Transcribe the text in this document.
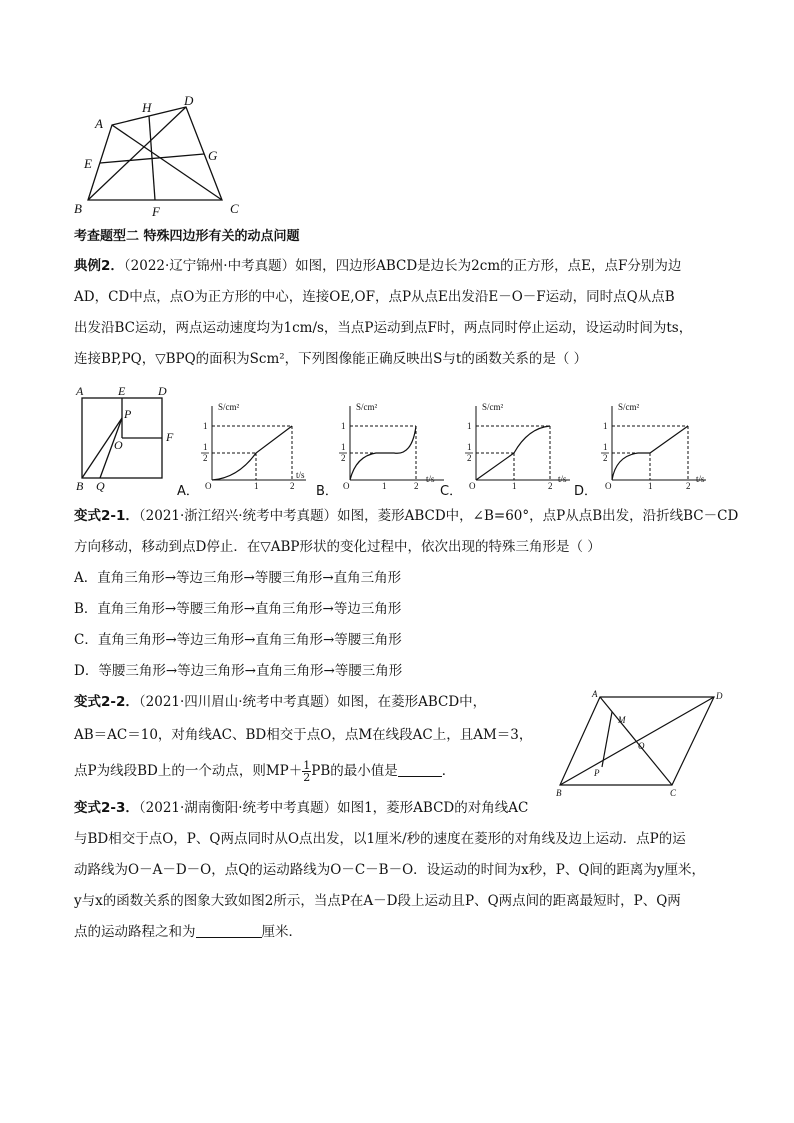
A
H	D
E
G
B	F	C
考查题型二 特殊四边形有关的动点问题
典例2．（2022·辽宁锦州·中考真题）如图，四边形ABCD是边长为2cm的正方形，点E，点F分别为边
AD，CD中点，点O为正方形的中心，连接OE,OF，点P从点E出发沿E－O－F运动，同时点Q从点B
出发沿BC运动，两点运动速度均为1cm/s，当点P运动到点F时，两点同时停止运动，设运动时间为ts，
连接BP,PQ，▽BPQ的面积为Scm²，下列图像能正确反映出S与t的函数关系的是（ ）
A	E	D
P
O
F
B Q
S/cm²
1
1
2
O	1	2
t/s
A．
S/cm²
1
1
2
O	1	2
t/s
B．
S/cm²
1
1
2
O	1	2
t/s
C．
S/cm²
1
1
2
O	1	2
t/s
D．
变式2-1．（2021·浙江绍兴·统考中考真题）如图，菱形ABCD中，∠B=60°，点P从点B出发，沿折线BC－CD
方向移动，移动到点D停止．在▽ABP形状的变化过程中，依次出现的特殊三角形是（ ）
A．直角三角形→等边三角形→等腰三角形→直角三角形
B．直角三角形→等腰三角形→直角三角形→等边三角形
C．直角三角形→等边三角形→直角三角形→等腰三角形
D．等腰三角形→等边三角形→直角三角形→等腰三角形
变式2-2．（2021·四川眉山·统考中考真题）如图，在菱形ABCD中，
AB＝AC＝10，对角线AC、BD相交于点O，点M在线段AC上，且AM＝3，
点P为线段BD上的一个动点，则$MP+ \frac{1}{2}$ PB的最小值是	．
A	D
M
O
P
B	C
变式2-3．（2021·湖南衡阳·统考中考真题）如图1，菱形ABCD的对角线AC
与BD相交于点O，P、Q两点同时从O点出发，以1厘米/秒的速度在菱形的对角线及边上运动．点P的运
动路线为O－A－D－O，点Q的运动路线为O－C－B－O．设运动的时间为x秒，P、Q间的距离为y厘米，
y与x的函数关系的图象大致如图2所示，当点P在A－D段上运动且P、Q两点间的距离最短时，P、Q两
点的运动路程之和为	厘米．
